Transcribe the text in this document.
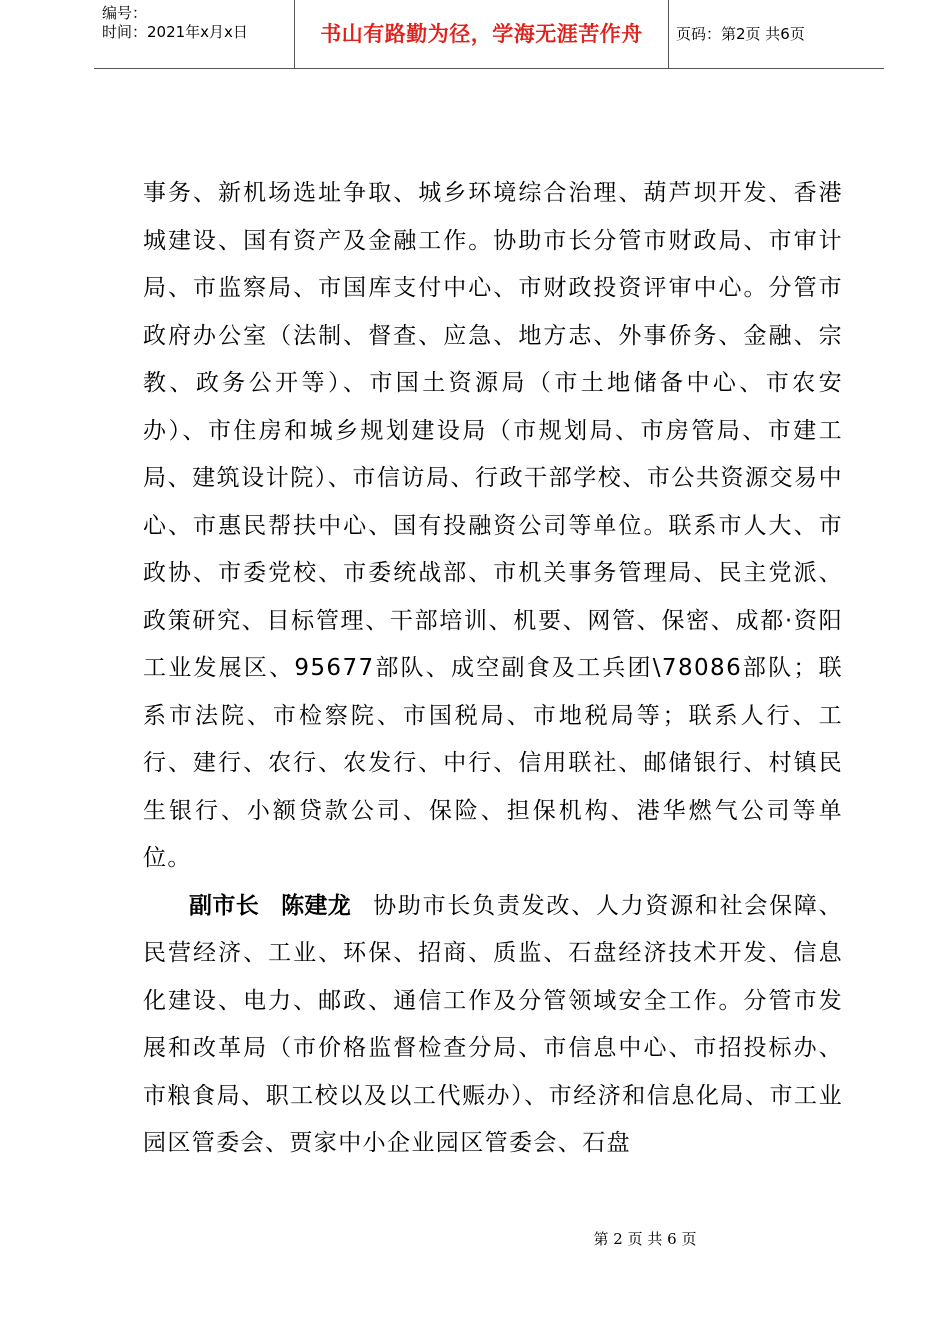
编号：
时间：2021年x月x日	书山有路勤为径，学海无涯苦作舟	页码：第2页 共6页

事务、新机场选址争取、城乡环境综合治理、葫芦坝开发、香港城建设、国有资产及金融工作。协助市长分管市财政局、市审计局、市监察局、市国库支付中心、市财政投资评审中心。分管市政府办公室（法制、督查、应急、地方志、外事侨务、金融、宗教、政务公开等）、市国土资源局（市土地储备中心、市农安办）、市住房和城乡规划建设局（市规划局、市房管局、市建工局、建筑设计院）、市信访局、行政干部学校、市公共资源交易中心、市惠民帮扶中心、国有投融资公司等单位。联系市人大、市政协、市委党校、市委统战部、市机关事务管理局、民主党派、政策研究、目标管理、干部培训、机要、网管、保密、成都·资阳工业发展区、95677部队、成空副食及工兵团\78086部队；联系市法院、市检察院、市国税局、市地税局等；联系人行、工行、建行、农行、农发行、中行、信用联社、邮储银行、村镇民生银行、小额贷款公司、保险、担保机构、港华燃气公司等单位。

副市长 陈建龙 协助市长负责发改、人力资源和社会保障、民营经济、工业、环保、招商、质监、石盘经济技术开发、信息化建设、电力、邮政、通信工作及分管领域安全工作。分管市发展和改革局（市价格监督检查分局、市信息中心、市招投标办、市粮食局、职工校以及以工代赈办）、市经济和信息化局、市工业园区管委会、贾家中小企业园区管委会、石盘

第 2 页 共 6 页
